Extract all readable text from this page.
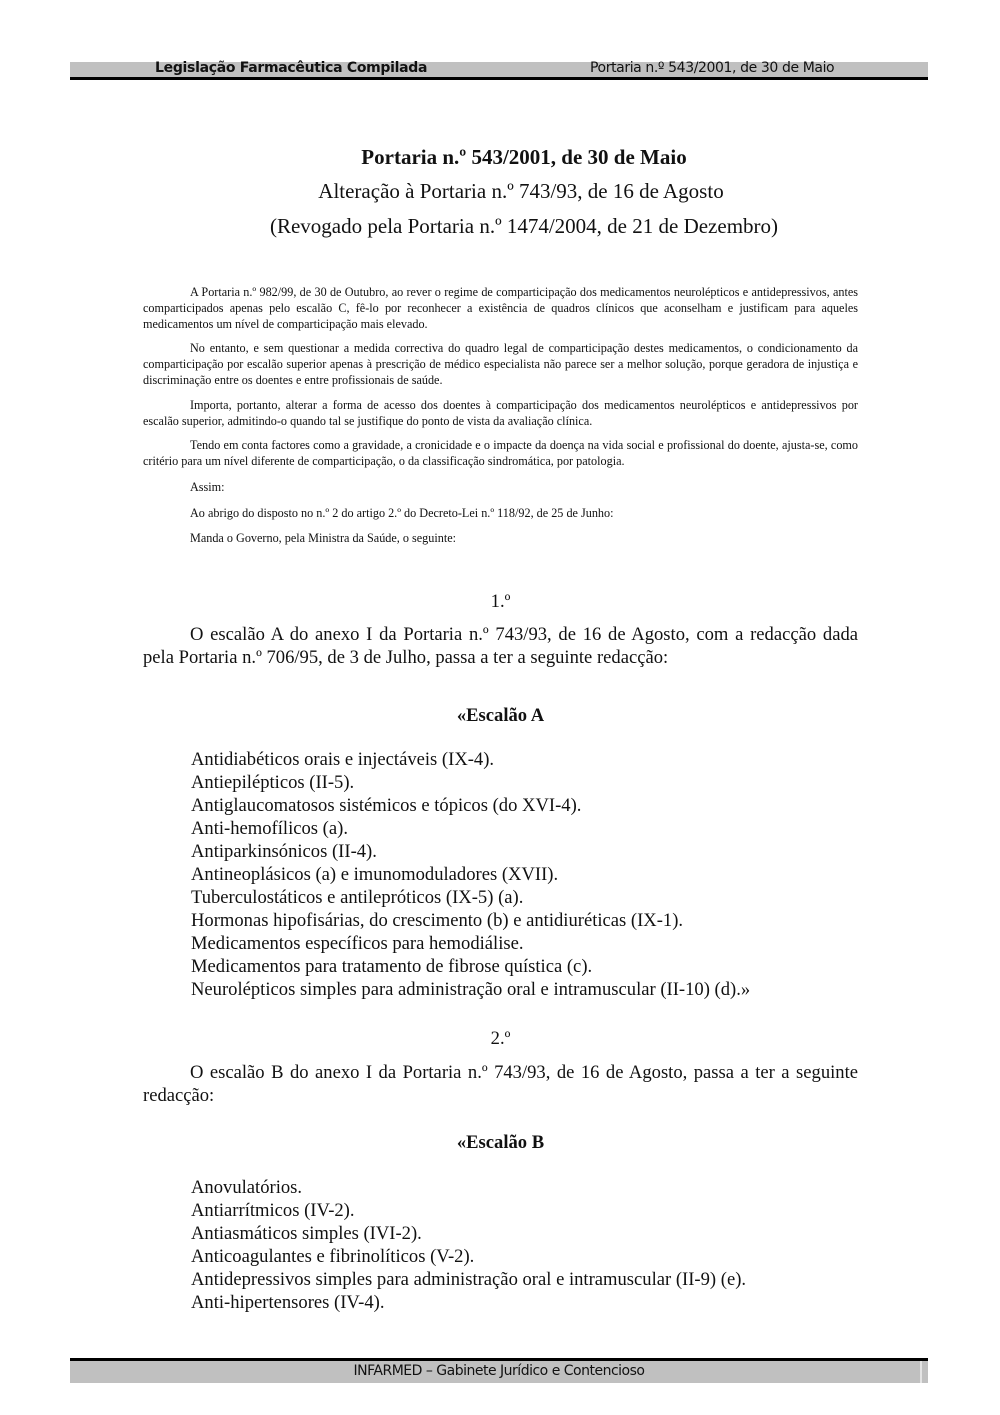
Legislação Farmacêutica Compilada	Portaria n.º 543/2001, de 30 de Maio
Portaria n.º 543/2001, de 30 de Maio
Alteração à Portaria n.º 743/93, de 16 de Agosto
(Revogado pela Portaria n.º 1474/2004, de 21 de Dezembro)

A Portaria n.º 982/99, de 30 de Outubro, ao rever o regime de comparticipação dos medicamentos neurolépticos e antidepressivos, antes comparticipados apenas pelo escalão C, fê-lo por reconhecer a existência de quadros clínicos que aconselham e justificam para aqueles medicamentos um nível de comparticipação mais elevado.

No entanto, e sem questionar a medida correctiva do quadro legal de comparticipação destes medicamentos, o condicionamento da comparticipação por escalão superior apenas à prescrição de médico especialista não parece ser a melhor solução, porque geradora de injustiça e discriminação entre os doentes e entre profissionais de saúde.

Importa, portanto, alterar a forma de acesso dos doentes à comparticipação dos medicamentos neurolépticos e antidepressivos por escalão superior, admitindo-o quando tal se justifique do ponto de vista da avaliação clínica.

Tendo em conta factores como a gravidade, a cronicidade e o impacte da doença na vida social e profissional do doente, ajusta-se, como critério para um nível diferente de comparticipação, o da classificação sindromática, por patologia.

Assim:

Ao abrigo do disposto no n.º 2 do artigo 2.º do Decreto-Lei n.º 118/92, de 25 de Junho:

Manda o Governo, pela Ministra da Saúde, o seguinte:

1.º

O escalão A do anexo I da Portaria n.º 743/93, de 16 de Agosto, com a redacção dada pela Portaria n.º 706/95, de 3 de Julho, passa a ter a seguinte redacção:

«Escalão A
Antidiabéticos orais e injectáveis (IX-4).
Antiepilépticos (II-5).
Antiglaucomatosos sistémicos e tópicos (do XVI-4).
Anti-hemofílicos (a).
Antiparkinsónicos (II-4).
Antineoplásicos (a) e imunomoduladores (XVII).
Tuberculostáticos e antilepróticos (IX-5) (a).
Hormonas hipofisárias, do crescimento (b) e antidiuréticas (IX-1).
Medicamentos específicos para hemodiálise.
Medicamentos para tratamento de fibrose quística (c).
Neurolépticos simples para administração oral e intramuscular (II-10) (d).»
2.º

O escalão B do anexo I da Portaria n.º 743/93, de 16 de Agosto, passa a ter a seguinte redacção:

«Escalão B
Anovulatórios.
Antiarrítmicos (IV-2).
Antiasmáticos simples (IVI-2).
Anticoagulantes e fibrinolíticos (V-2).
Antidepressivos simples para administração oral e intramuscular (II-9) (e).
Anti-hipertensores (IV-4).
INFARMED – Gabinete Jurídico e Contencioso
